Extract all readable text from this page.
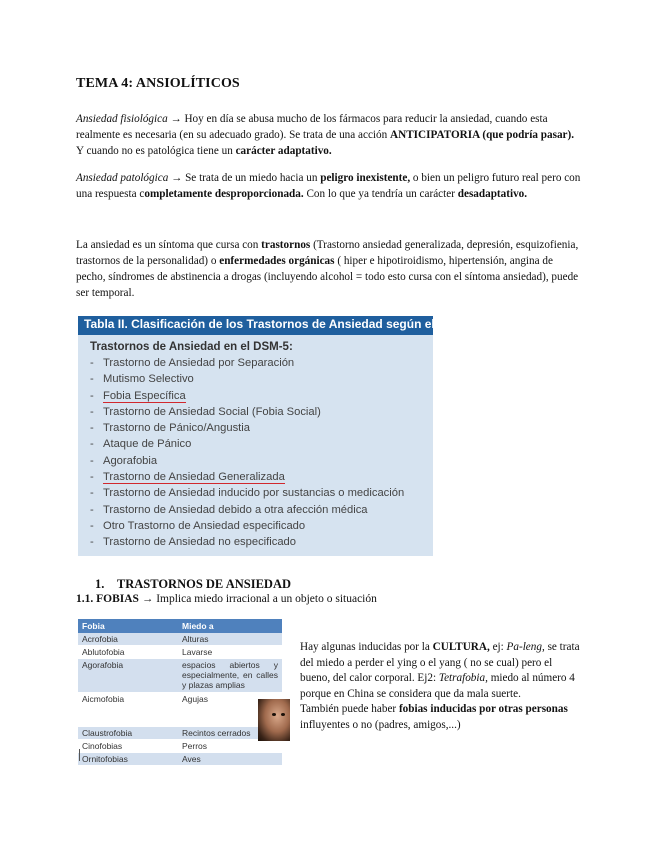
TEMA 4: ANSIOLÍTICOS
Ansiedad fisiológica → Hoy en día se abusa mucho de los fármacos para reducir la ansiedad, cuando esta realmente es necesaria (en su adecuado grado). Se trata de una acción ANTICIPATORIA (que podría pasar). Y cuando no es patológica tiene un carácter adaptativo.
Ansiedad patológica → Se trata de un miedo hacia un peligro inexistente, o bien un peligro futuro real pero con una respuesta completamente desproporcionada. Con lo que ya tendría un carácter desadaptativo.
La ansiedad es un síntoma que cursa con trastornos (Trastorno ansiedad generalizada, depresión, esquizofienia, trastornos de la personalidad) o enfermedades orgánicas ( hiper e hipotiroidismo, hipertensión, angina de pecho, síndromes de abstinencia a drogas (incluyendo alcohol = todo esto cursa con el síntoma ansiedad), puede ser temporal.
Tabla II. Clasificación de los Trastornos de Ansiedad según el DSM5
Trastornos de Ansiedad en el DSM-5:
- Trastorno de Ansiedad por Separación
- Mutismo Selectivo
- Fobia Específica
- Trastorno de Ansiedad Social (Fobia Social)
- Trastorno de Pánico/Angustia
- Ataque de Pánico
- Agorafobia
- Trastorno de Ansiedad Generalizada
- Trastorno de Ansiedad inducido por sustancias o medicación
- Trastorno de Ansiedad debido a otra afección médica
- Otro Trastorno de Ansiedad especificado
- Trastorno de Ansiedad no especificado
1. TRASTORNOS DE ANSIEDAD
1.1. FOBIAS → Implica miedo irracional a un objeto o situación
Fobia	Miedo a
Acrofobia	Alturas
Ablutofobia	Lavarse
Agorafobia	espacios abiertos y especialmente, en calles y plazas amplias
Aicmofobia	Agujas
Claustrofobia	Recintos cerrados
Cinofobias	Perros
Ornitofobias	Aves
Hay algunas inducidas por la CULTURA, ej: Pa-leng, se trata del miedo a perder el ying o el yang ( no se cual) pero el bueno, del calor corporal. Ej2: Tetrafobia, miedo al número 4 porque en China se considera que da mala suerte.
También puede haber fobias inducidas por otras personas influyentes o no (padres, amigos,...)
